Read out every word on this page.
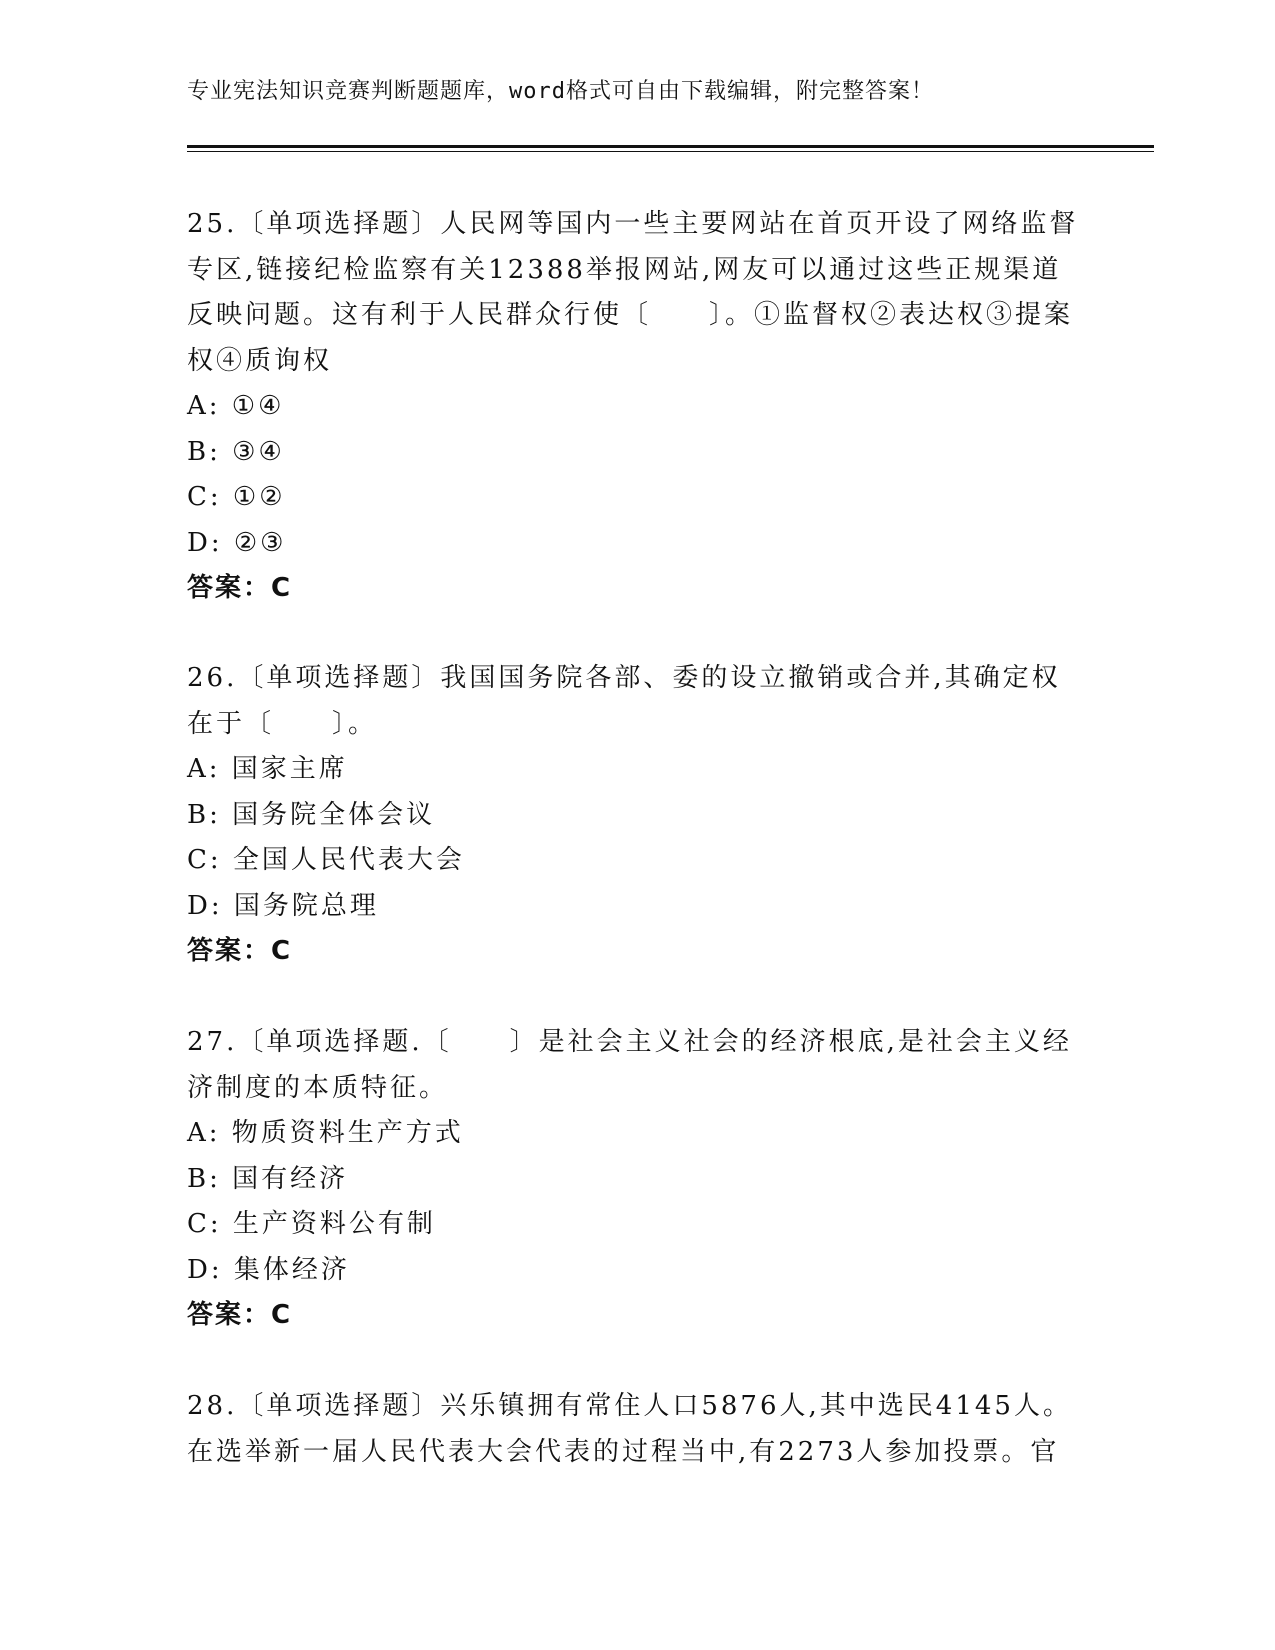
专业宪法知识竞赛判断题题库，word格式可自由下载编辑，附完整答案！
25.〔单项选择题〕人民网等国内一些主要网站在首页开设了网络监督
专区,链接纪检监察有关12388举报网站,网友可以通过这些正规渠道
反映问题。这有利于人民群众行使〔　　〕。①监督权②表达权③提案
权④质询权
A: ①④
B: ③④
C: ①②
D: ②③
答案：C
26.〔单项选择题〕我国国务院各部、委的设立撤销或合并,其确定权
在于〔　　〕。
A: 国家主席
B: 国务院全体会议
C: 全国人民代表大会
D: 国务院总理
答案：C
27.〔单项选择题.〔　　〕是社会主义社会的经济根底,是社会主义经
济制度的本质特征。
A: 物质资料生产方式
B: 国有经济
C: 生产资料公有制
D: 集体经济
答案：C
28.〔单项选择题〕兴乐镇拥有常住人口5876人,其中选民4145人。
在选举新一届人民代表大会代表的过程当中,有2273人参加投票。官
